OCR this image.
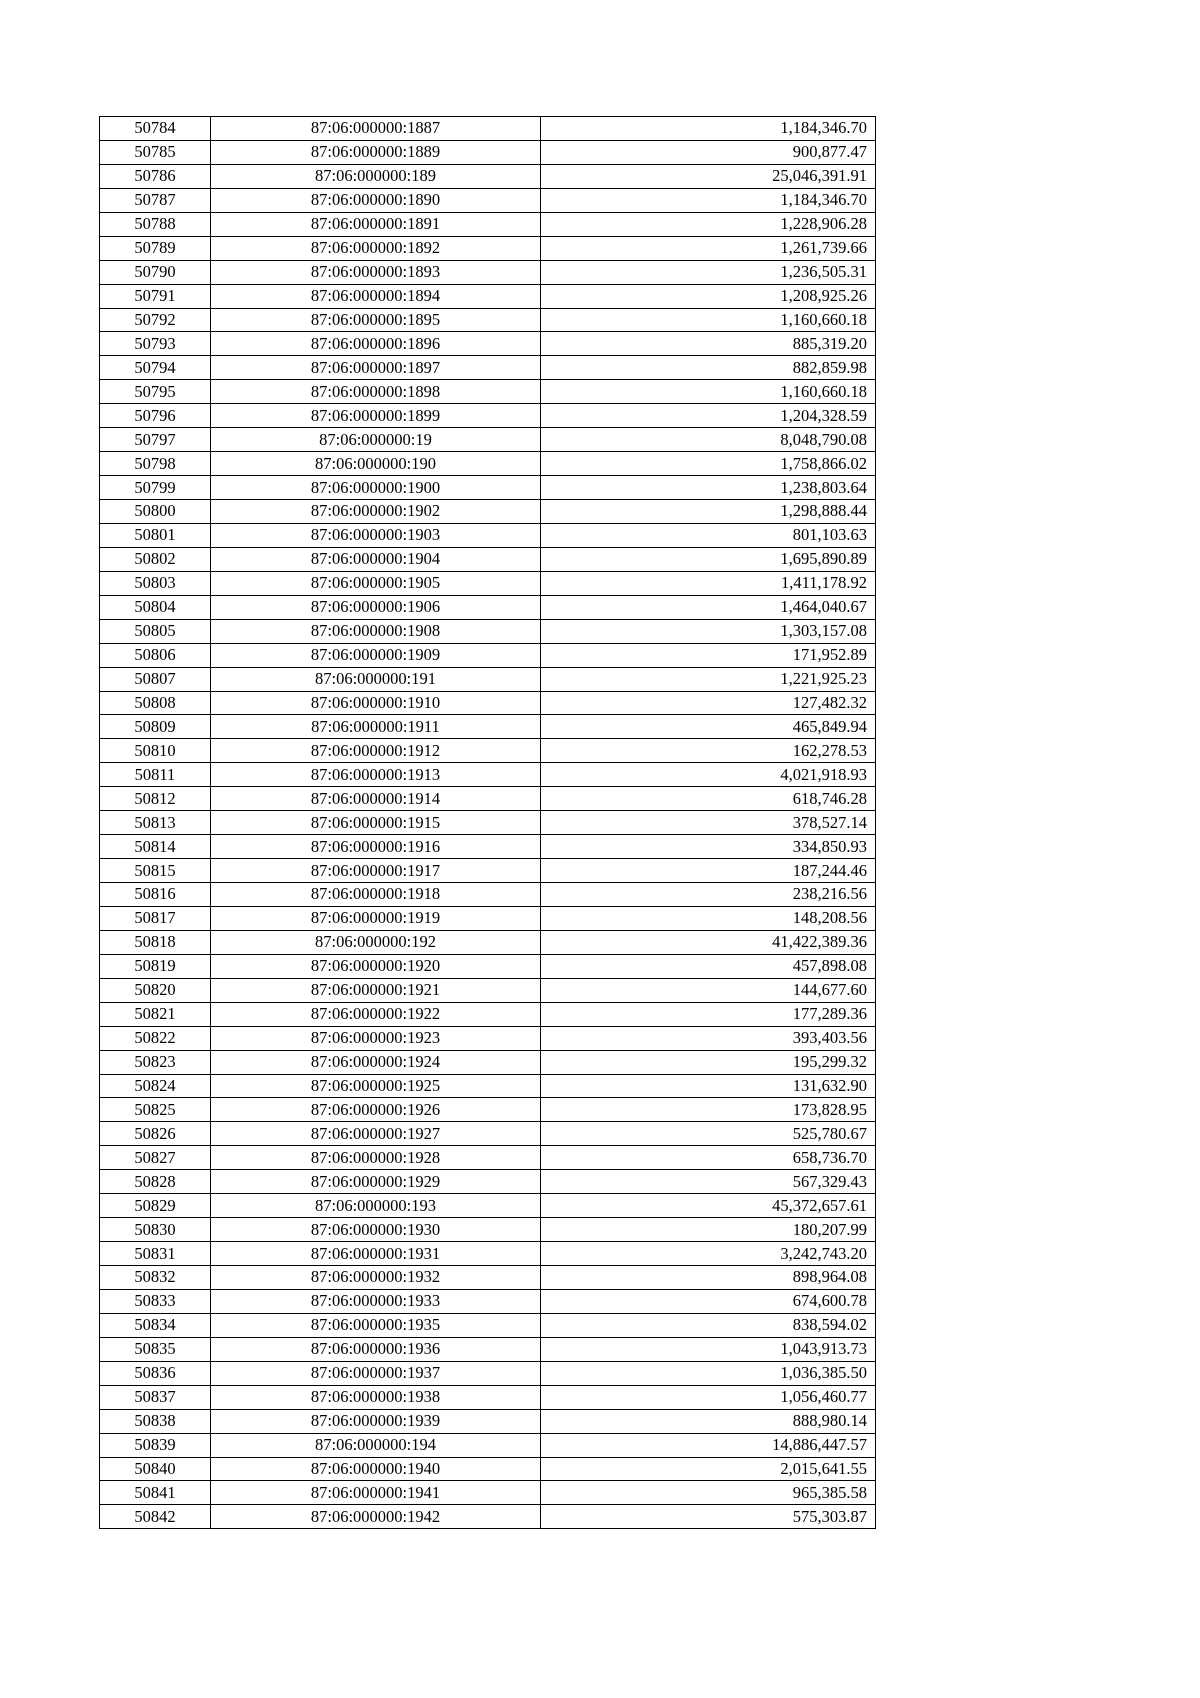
50784	87:06:000000:1887	1,184,346.70
50785	87:06:000000:1889	900,877.47
50786	87:06:000000:189	25,046,391.91
50787	87:06:000000:1890	1,184,346.70
50788	87:06:000000:1891	1,228,906.28
50789	87:06:000000:1892	1,261,739.66
50790	87:06:000000:1893	1,236,505.31
50791	87:06:000000:1894	1,208,925.26
50792	87:06:000000:1895	1,160,660.18
50793	87:06:000000:1896	885,319.20
50794	87:06:000000:1897	882,859.98
50795	87:06:000000:1898	1,160,660.18
50796	87:06:000000:1899	1,204,328.59
50797	87:06:000000:19	8,048,790.08
50798	87:06:000000:190	1,758,866.02
50799	87:06:000000:1900	1,238,803.64
50800	87:06:000000:1902	1,298,888.44
50801	87:06:000000:1903	801,103.63
50802	87:06:000000:1904	1,695,890.89
50803	87:06:000000:1905	1,411,178.92
50804	87:06:000000:1906	1,464,040.67
50805	87:06:000000:1908	1,303,157.08
50806	87:06:000000:1909	171,952.89
50807	87:06:000000:191	1,221,925.23
50808	87:06:000000:1910	127,482.32
50809	87:06:000000:1911	465,849.94
50810	87:06:000000:1912	162,278.53
50811	87:06:000000:1913	4,021,918.93
50812	87:06:000000:1914	618,746.28
50813	87:06:000000:1915	378,527.14
50814	87:06:000000:1916	334,850.93
50815	87:06:000000:1917	187,244.46
50816	87:06:000000:1918	238,216.56
50817	87:06:000000:1919	148,208.56
50818	87:06:000000:192	41,422,389.36
50819	87:06:000000:1920	457,898.08
50820	87:06:000000:1921	144,677.60
50821	87:06:000000:1922	177,289.36
50822	87:06:000000:1923	393,403.56
50823	87:06:000000:1924	195,299.32
50824	87:06:000000:1925	131,632.90
50825	87:06:000000:1926	173,828.95
50826	87:06:000000:1927	525,780.67
50827	87:06:000000:1928	658,736.70
50828	87:06:000000:1929	567,329.43
50829	87:06:000000:193	45,372,657.61
50830	87:06:000000:1930	180,207.99
50831	87:06:000000:1931	3,242,743.20
50832	87:06:000000:1932	898,964.08
50833	87:06:000000:1933	674,600.78
50834	87:06:000000:1935	838,594.02
50835	87:06:000000:1936	1,043,913.73
50836	87:06:000000:1937	1,036,385.50
50837	87:06:000000:1938	1,056,460.77
50838	87:06:000000:1939	888,980.14
50839	87:06:000000:194	14,886,447.57
50840	87:06:000000:1940	2,015,641.55
50841	87:06:000000:1941	965,385.58
50842	87:06:000000:1942	575,303.87
